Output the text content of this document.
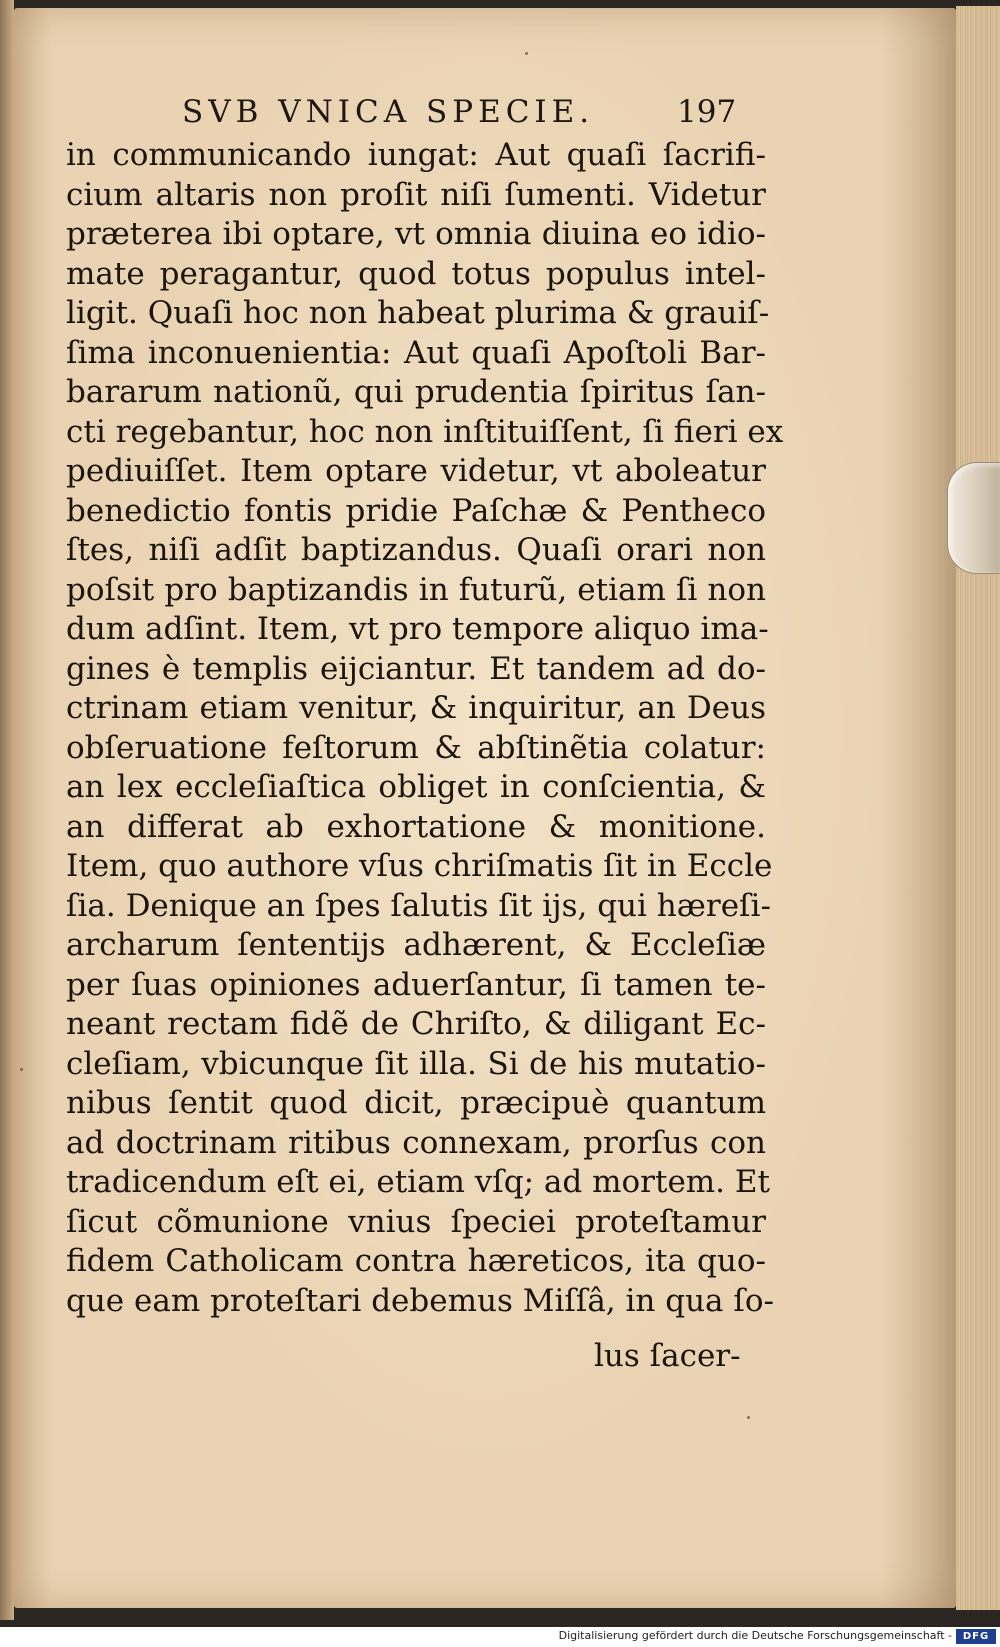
SVB VNICA SPECIE.	197
in communicando iungat: Aut quaſi ſacrifi-
cium altaris non proſit niſi ſumenti. Videtur
præterea ibi optare, vt omnia diuina eo idio-
mate peragantur, quod totus populus intel-
ligit. Quaſi hoc non habeat plurima & grauiſ-
ſima inconuenientia: Aut quaſi Apoſtoli Bar-
bararum nationũ, qui prudentia ſpiritus ſan-
cti regebantur, hoc non inſtituiſſent, ſi fieri ex
pediuiſſet. Item optare videtur, vt aboleatur
benedictio fontis pridie Paſchæ & Pentheco
ſtes, niſi adſit baptizandus. Quaſi orari non
poſsit pro baptizandis in futurũ, etiam ſi non
dum adſint. Item, vt pro tempore aliquo ima-
gines è templis eijciantur. Et tandem ad do-
ctrinam etiam venitur, & inquiritur, an Deus
obſeruatione feſtorum & abſtinẽtia colatur:
an lex eccleſiaſtica obliget in conſcientia, &
an differat ab exhortatione & monitione.
Item, quo authore vſus chriſmatis ſit in Eccle
ſia. Denique an ſpes ſalutis ſit ijs, qui hæreſi-
archarum ſententijs adhærent, & Eccleſiæ
per ſuas opiniones aduerſantur, ſi tamen te-
neant rectam fidẽ de Chriſto, & diligant Ec-
cleſiam, vbicunque ſit illa. Si de his mutatio-
nibus ſentit quod dicit, præcipuè quantum
ad doctrinam ritibus connexam, prorſus con
tradicendum eſt ei, etiam vſq; ad mortem. Et
ſicut cõmunione vnius ſpeciei proteſtamur
fidem Catholicam contra hæreticos, ita quo-
que eam proteſtari debemus Miſſâ, in qua ſo-
lus ſacer-
Digitalisierung gefördert durch die Deutsche Forschungsgemeinschaft -	DFG
